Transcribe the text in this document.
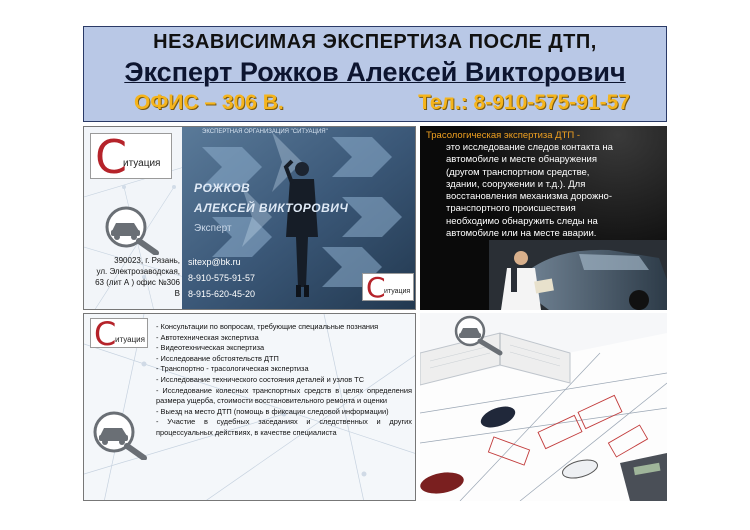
НЕЗАВИСИМАЯ ЭКСПЕРТИЗА ПОСЛЕ ДТП,
Эксперт Рожков Алексей Викторович
ОФИС – 306 В.	Тел.: 8-910-575-91-57
С
итуация
390023, г. Рязань,
ул. Электрозаводская,
63 (лит А ) офис №306 В	С
итуация
ЭКСПЕРТНАЯ ОРГАНИЗАЦИЯ "СИТУАЦИЯ"
РОЖКОВ
АЛЕКСЕЙ ВИКТОРОВИЧ
Эксперт
sitexp@bk.ru
8-910-575-91-57
8-915-620-45-20
Трасологическая экспертиза ДТП -
это исследование следов контакта на
автомобиле и месте обнаружения
(другом транспортном средстве,
здании, сооружении и т.д.). Для
восстановления механизма дорожно-
транспортного происшествия
необходимо обнаружить следы на
автомобиле или на месте аварии.
С
итуация
- Консультации по вопросам, требующие специальные познания
- Автотехническая экспертиза
- Видеотехническая экспертиза
- Исследование обстоятельств ДТП
- Транспортно - трасологическая экспертиза
- Исследование технического состояния деталей и узлов ТС
- Исследование колесных транспортных средств в целях определения размера ущерба, стоимости восстановительного ремонта и оценки
- Выезд на место ДТП (помощь в фиксации следовой информации)
- Участие в судебных заседаниях и следственных и других процессуальных действиях, в качестве специалиста
